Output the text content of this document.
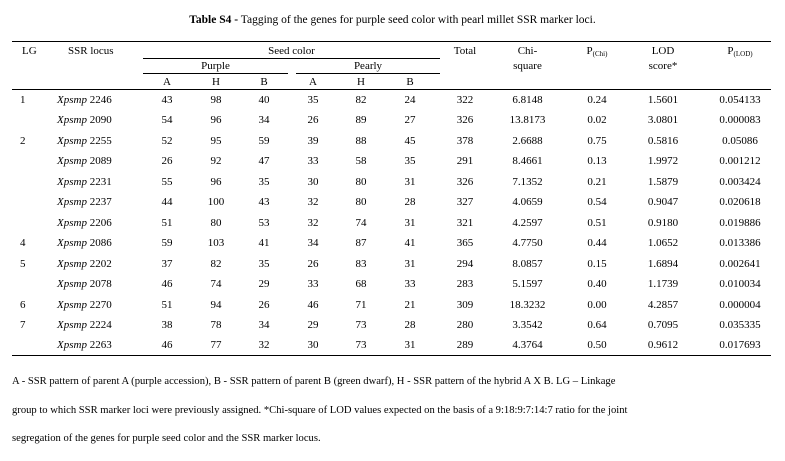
Table S4 - Tagging of the genes for purple seed color with pearl millet SSR marker loci.
LG	SSR locus	Seed color
Purple	Pearly
A	H	B	A	H	B
Total	Chi-
square
$P_{(Chi)}$	LOD
score*
$P_{(LOD)}$
1	Xpsmp 2246	43	98	40	35	82	24	322	6.8148	0.24	1.5601	0.054133
Xpsmp 2090	54	96	34	26	89	27	326	13.8173	0.02	3.0801	0.000083
2	Xpsmp 2255	52	95	59	39	88	45	378	2.6688	0.75	0.5816	0.05086
Xpsmp 2089	26	92	47	33	58	35	291	8.4661	0.13	1.9972	0.001212
Xpsmp 2231	55	96	35	30	80	31	326	7.1352	0.21	1.5879	0.003424
Xpsmp 2237	44	100	43	32	80	28	327	4.0659	0.54	0.9047	0.020618
Xpsmp 2206	51	80	53	32	74	31	321	4.2597	0.51	0.9180	0.019886
4	Xpsmp 2086	59	103	41	34	87	41	365	4.7750	0.44	1.0652	0.013386
5	Xpsmp 2202	37	82	35	26	83	31	294	8.0857	0.15	1.6894	0.002641
Xpsmp 2078	46	74	29	33	68	33	283	5.1597	0.40	1.1739	0.010034
6	Xpsmp 2270	51	94	26	46	71	21	309	18.3232	0.00	4.2857	0.000004
7	Xpsmp 2224	38	78	34	29	73	28	280	3.3542	0.64	0.7095	0.035335
Xpsmp 2263	46	77	32	30	73	31	289	4.3764	0.50	0.9612	0.017693
A - SSR pattern of parent A (purple accession), B - SSR pattern of parent B (green dwarf), H - SSR pattern of the hybrid A X B. LG – Linkage
group to which SSR marker loci were previously assigned. *Chi-square of LOD values expected on the basis of a 9:18:9:7:14:7 ratio for the joint
segregation of the genes for purple seed color and the SSR marker locus.
